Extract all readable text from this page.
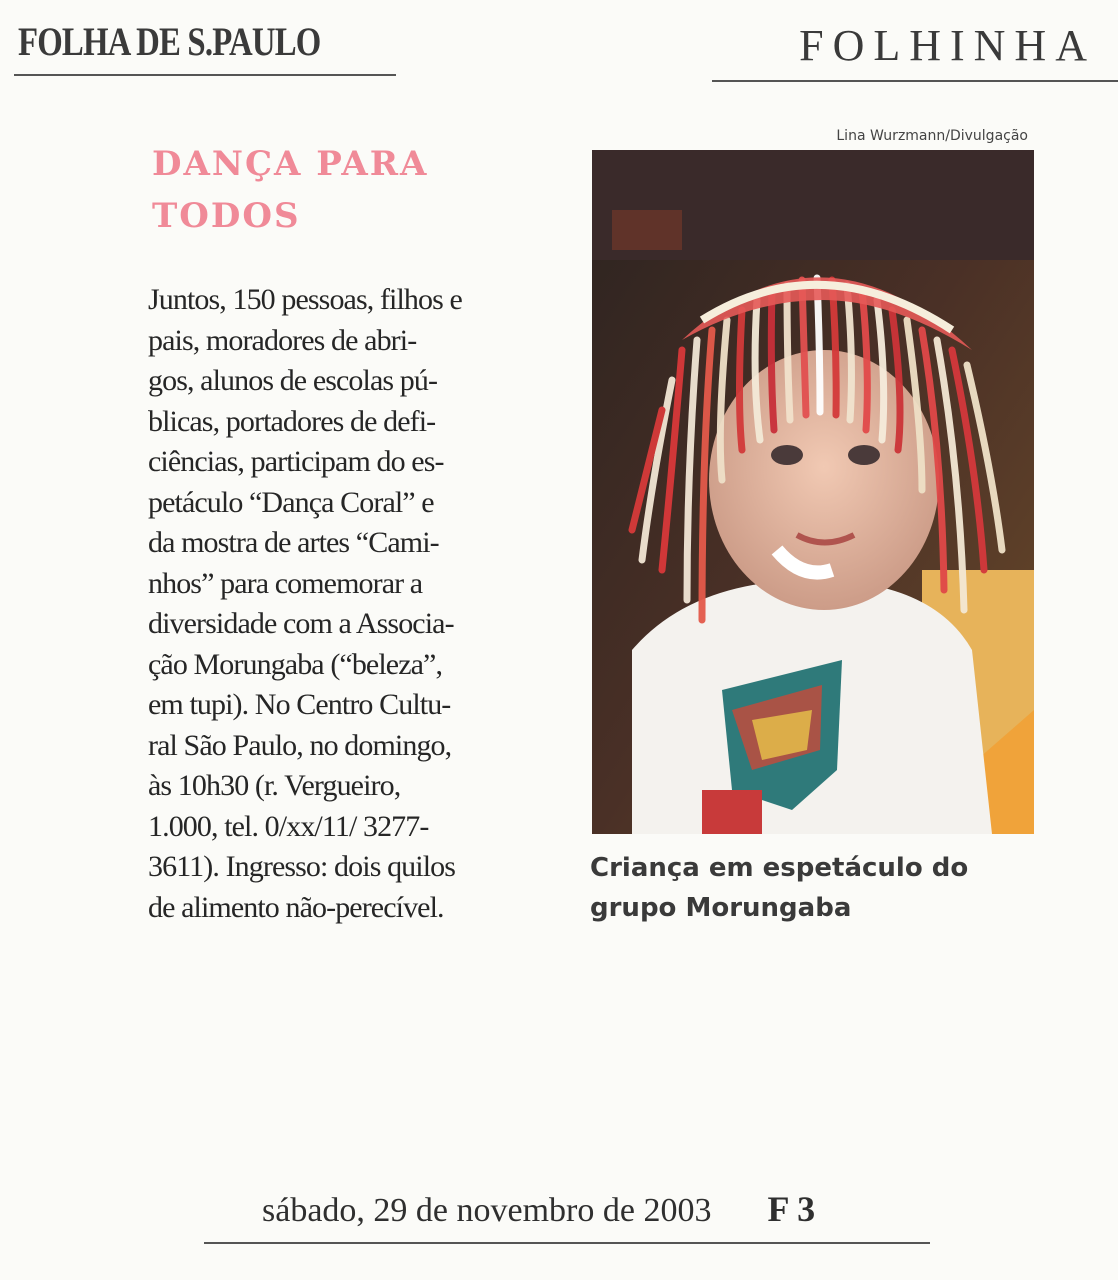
FOLHA DE S.PAULO	FOLHINHA
DANÇA PARA TODOS
Juntos, 150 pessoas, filhos e
pais, moradores de abri-
gos, alunos de escolas pú-
blicas, portadores de defi-
ciências, participam do es-
petáculo “Dança Coral” e
da mostra de artes “Cami-
nhos” para comemorar a
diversidade com a Associa-
ção Morungaba (“beleza”,
em tupi). No Centro Cultu-
ral São Paulo, no domingo,
às 10h30 (r. Vergueiro,
1.000, tel. 0/xx/11/ 3277-
3611). Ingresso: dois quilos
de alimento não-perecível.
Lina Wurzmann/Divulgação

Criança em espetáculo do grupo Morungaba

sábado, 29 de novembro de 2003 F 3
